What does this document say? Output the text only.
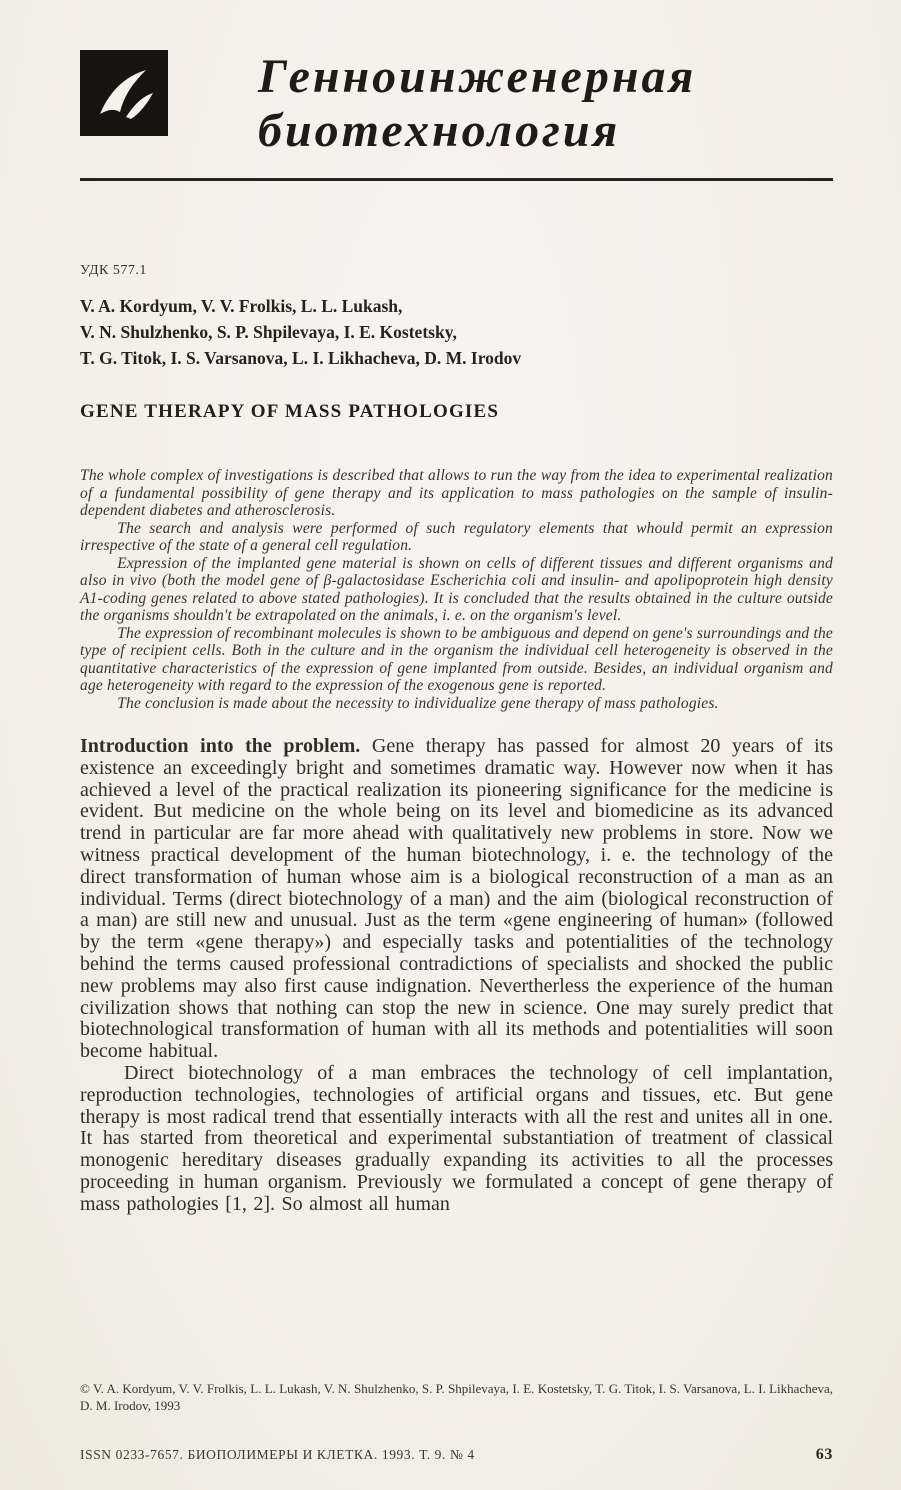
Генноинженерная
биотехнология
УДК 577.1
V. A. Kordyum, V. V. Frolkis, L. L. Lukash,
V. N. Shulzhenko, S. P. Shpilevaya, I. E. Kostetsky,
T. G. Titok, I. S. Varsanova, L. I. Likhacheva, D. M. Irodov
GENE THERAPY OF MASS PATHOLOGIES

The whole complex of investigations is described that allows to run the way from the idea to experimental realization of a fundamental possibility of gene therapy and its application to mass pathologies on the sample of insulin-dependent diabetes and atherosclerosis.

The search and analysis were performed of such regulatory elements that whould permit an expression irrespective of the state of a general cell regulation.

Expression of the implanted gene material is shown on cells of different tissues and different organisms and also in vivo (both the model gene of β-galactosidase Escherichia coli and insulin- and apolipoprotein high density A1-coding genes related to above stated pathologies). It is concluded that the results obtained in the culture outside the organisms shouldn't be extrapolated on the animals, i. e. on the organism's level.

The expression of recombinant molecules is shown to be ambiguous and depend on gene's surroundings and the type of recipient cells. Both in the culture and in the organism the individual cell heterogeneity is observed in the quantitative characteristics of the expression of gene implanted from outside. Besides, an individual organism and age heterogeneity with regard to the expression of the exogenous gene is reported.

The conclusion is made about the necessity to individualize gene therapy of mass pathologies.

Introduction into the problem. Gene therapy has passed for almost 20 years of its existence an exceedingly bright and sometimes dramatic way. However now when it has achieved a level of the practical realization its pioneering significance for the medicine is evident. But medicine on the whole being on its level and biomedicine as its advanced trend in particular are far more ahead with qualitatively new problems in store. Now we witness practical development of the human biotechnology, i. e. the technology of the direct transformation of human whose aim is a biological reconstruction of a man as an individual. Terms (direct biotechnology of a man) and the aim (biological reconstruction of a man) are still new and unusual. Just as the term «gene engineering of human» (followed by the term «gene therapy») and especially tasks and potentialities of the technology behind the terms caused professional contradictions of specialists and shocked the public new problems may also first cause indignation. Nevertherless the experience of the human civilization shows that nothing can stop the new in science. One may surely predict that biotechnological transformation of human with all its methods and potentialities will soon become habitual.

Direct biotechnology of a man embraces the technology of cell implantation, reproduction technologies, technologies of artificial organs and tissues, etc. But gene therapy is most radical trend that essentially interacts with all the rest and unites all in one. It has started from theoretical and experimental substantiation of treatment of classical monogenic hereditary diseases gradually expanding its activities to all the processes proceeding in human organism. Previously we formulated a concept of gene therapy of mass pathologies [1, 2]. So almost all human

© V. A. Kordyum, V. V. Frolkis, L. L. Lukash, V. N. Shulzhenko, S. P. Shpilevaya, I. E. Kostetsky, T. G. Titok, I. S. Varsanova, L. I. Likhacheva, D. M. Irodov, 1993
ISSN 0233-7657. БИОПОЛИМЕРЫ И КЛЕТКА. 1993. Т. 9. № 4	63
